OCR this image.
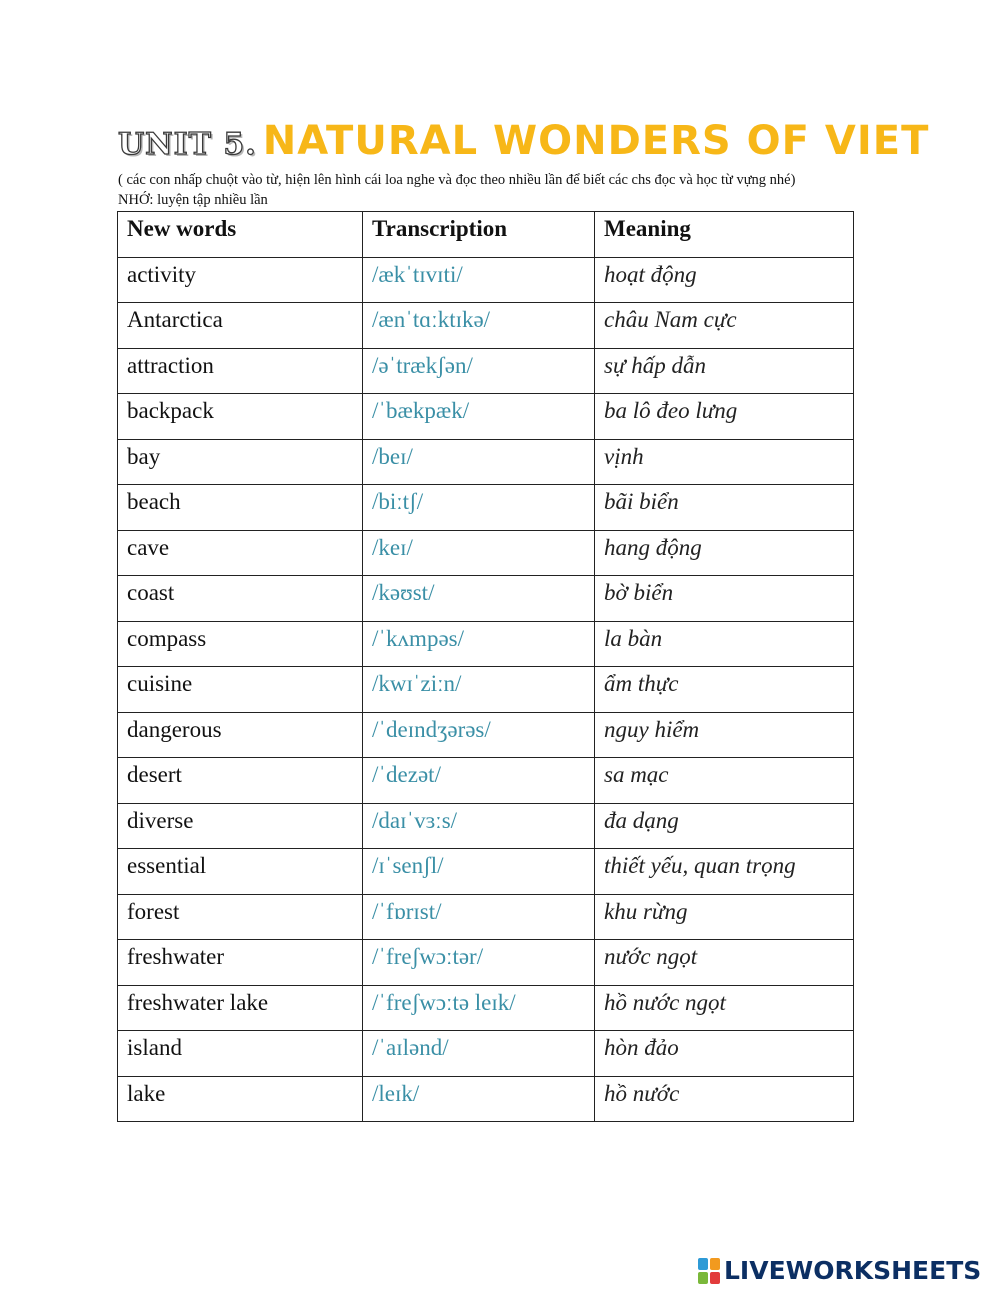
UNIT 5. NATURAL WONDERS OF VIET
( các con nhấp chuột vào từ, hiện lên hình cái loa nghe và đọc theo nhiều lần để biết các chs đọc và học từ vựng nhé)
NHỚ: luyện tập nhiều lần
New words	Transcription	Meaning
activity	/ækˈtɪvɪti/	hoạt động
Antarctica	/ænˈtɑːktɪkə/	châu Nam cực
attraction	/əˈtrækʃən/	sự hấp dẫn
backpack	/ˈbækpæk/	ba lô đeo lưng
bay	/beɪ/	vịnh
beach	/biːtʃ/	bãi biển
cave	/keɪ/	hang động
coast	/kəʊst/	bờ biển
compass	/ˈkʌmpəs/	la bàn
cuisine	/kwɪˈziːn/	ẩm thực
dangerous	/ˈdeɪndʒərəs/	nguy hiểm
desert	/ˈdezət/	sa mạc
diverse	/daɪˈvɜːs/	đa dạng
essential	/ɪˈsenʃl/	thiết yếu, quan trọng
forest	/ˈfɒrɪst/	khu rừng
freshwater	/ˈfreʃwɔːtər/	nước ngọt
freshwater lake	/ˈfreʃwɔːtə leɪk/	hồ nước ngọt
island	/ˈaɪlənd/	hòn đảo
lake	/leɪk/	hồ nước
LIVEWORKSHEETS
